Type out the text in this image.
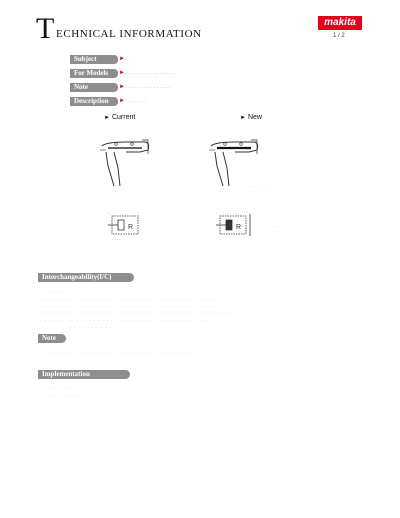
T ECHNICAL INFORMATION
makita
1 / 2
Subject	► ·
For Models	► · · · · · · · · · · · · · · · · ·
Note	► · · · · · · · · · · · · · · ·
Description	► · · · · · · ·
► Current	► New
·
· · · · ·
·	·
R
·	·
· · · ·
R
·	·
·
· · ·
· ·
Interchangeability(I/C)
· · · · · ·
· · · · · · · · · · · · · · · · · · · · · · · · · · · · · · · · · · · · · · · · ·
· · · · · · · · · · · · · · · · · · · · · · · · · · · · · · · · · · · · · · · · ·
· · · · · · · · · · · · · · · · · · · · · · · · · · · · · · · · · · · · · · · · · · · · ·
· · · · · · · · · · · · · · · · · · · · · · · · · · · · · · · · · · · · · · ·
· · · · · · · · · ·
Note
· · · · · · · · · · · · · · · · · · · · · · · · · · · · · · · · · · ·
Implementation
· · · · · ·
· · · · · · · · ·
